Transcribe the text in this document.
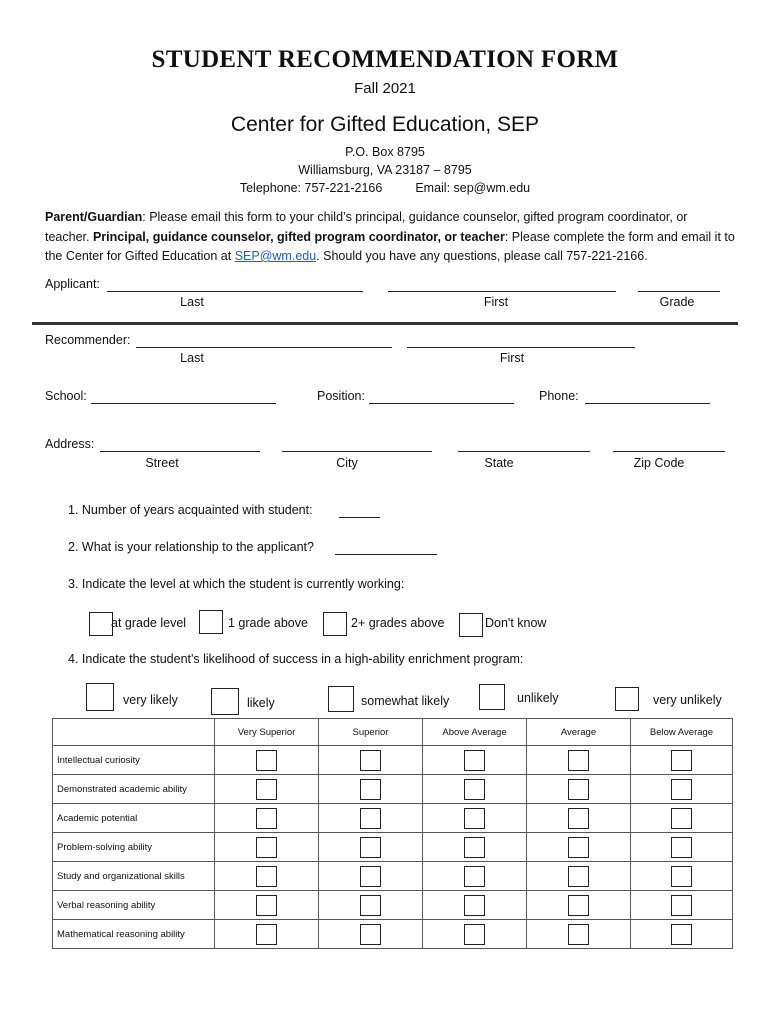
STUDENT RECOMMENDATION FORM
Fall 2021
Center for Gifted Education, SEP
P.O. Box 8795
Williamsburg, VA 23187 – 8795
Telephone: 757-221-2166	Email: sep@wm.edu
Parent/Guardian: Please email this form to your child’s principal, guidance counselor, gifted program coordinator, or teacher. Principal, guidance counselor, gifted program coordinator, or teacher: Please complete the form and email it to the Center for Gifted Education at SEP@wm.edu. Should you have any questions, please call 757-221-2166.
Applicant:
Last	First	Grade
Recommender:
Last	First
School:	Position:	Phone:
Address:
Street	City	State	Zip Code
1. Number of years acquainted with student:
2. What is your relationship to the applicant?
3. Indicate the level at which the student is currently working:
at grade level	1 grade above	2+ grades above	Don't know
4. Indicate the student's likelihood of success in a high-ability enrichment program:
very likely	likely	somewhat likely	unlikely	very unlikely
	Very Superior	Superior	Above Average	Average	Below Average
Intellectual curiosity					
Demonstrated academic ability					
Academic potential					
Problem-solving ability					
Study and organizational skills					
Verbal reasoning ability					
Mathematical reasoning ability					
